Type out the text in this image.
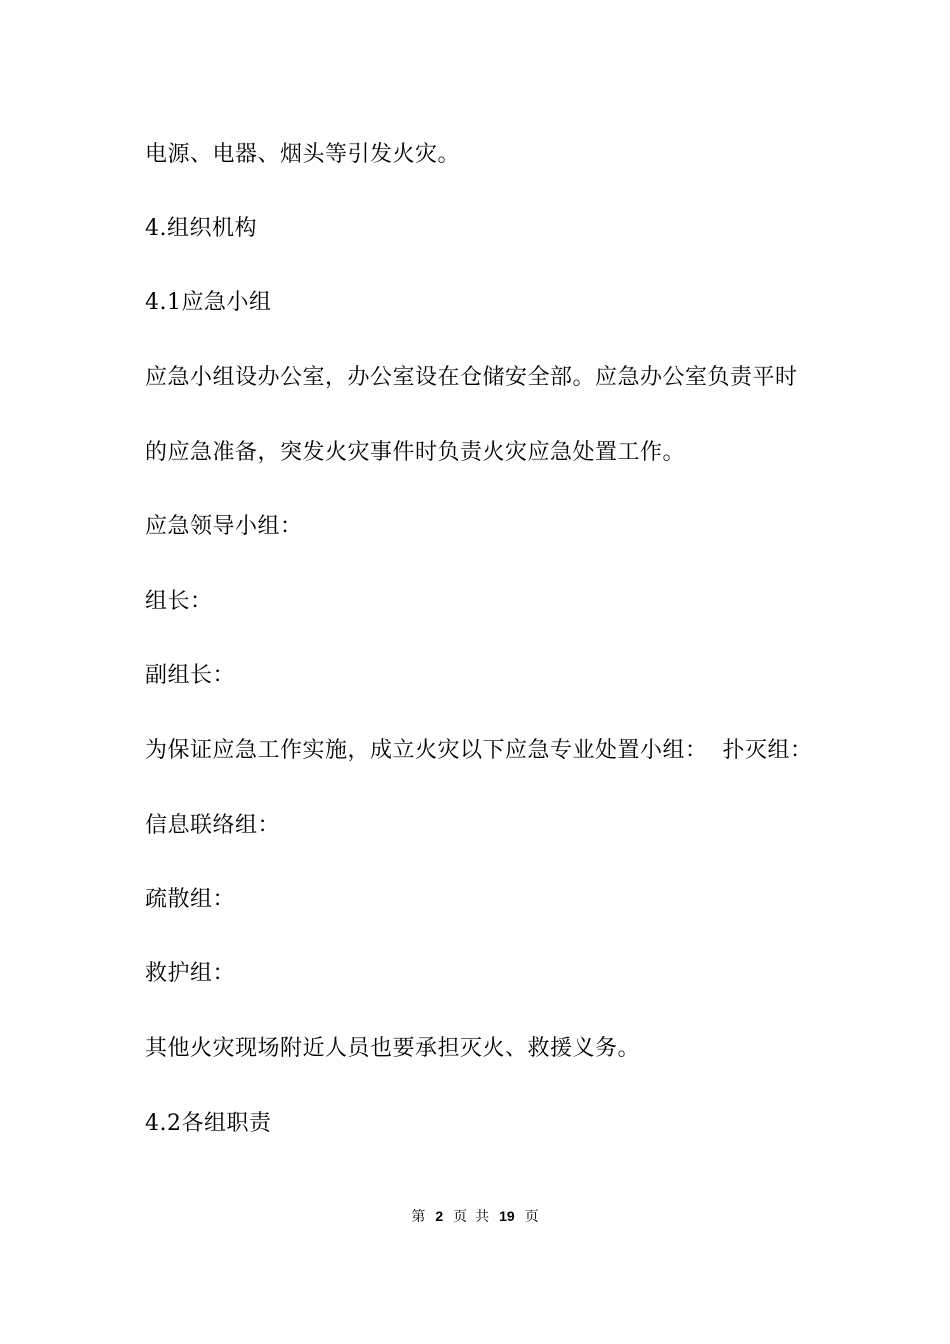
电源、电器、烟头等引发火灾。
4.组织机构
4.1应急小组
应急小组设办公室，办公室设在仓储安全部。应急办公室负责平时
的应急准备，突发火灾事件时负责火灾应急处置工作。
应急领导小组：
组长：
副组长：
为保证应急工作实施，成立火灾以下应急专业处置小组：  扑灭组：
信息联络组：
疏散组：
救护组：
其他火灾现场附近人员也要承担灭火、救援义务。
4.2各组职责
第 2 页 共 19 页
